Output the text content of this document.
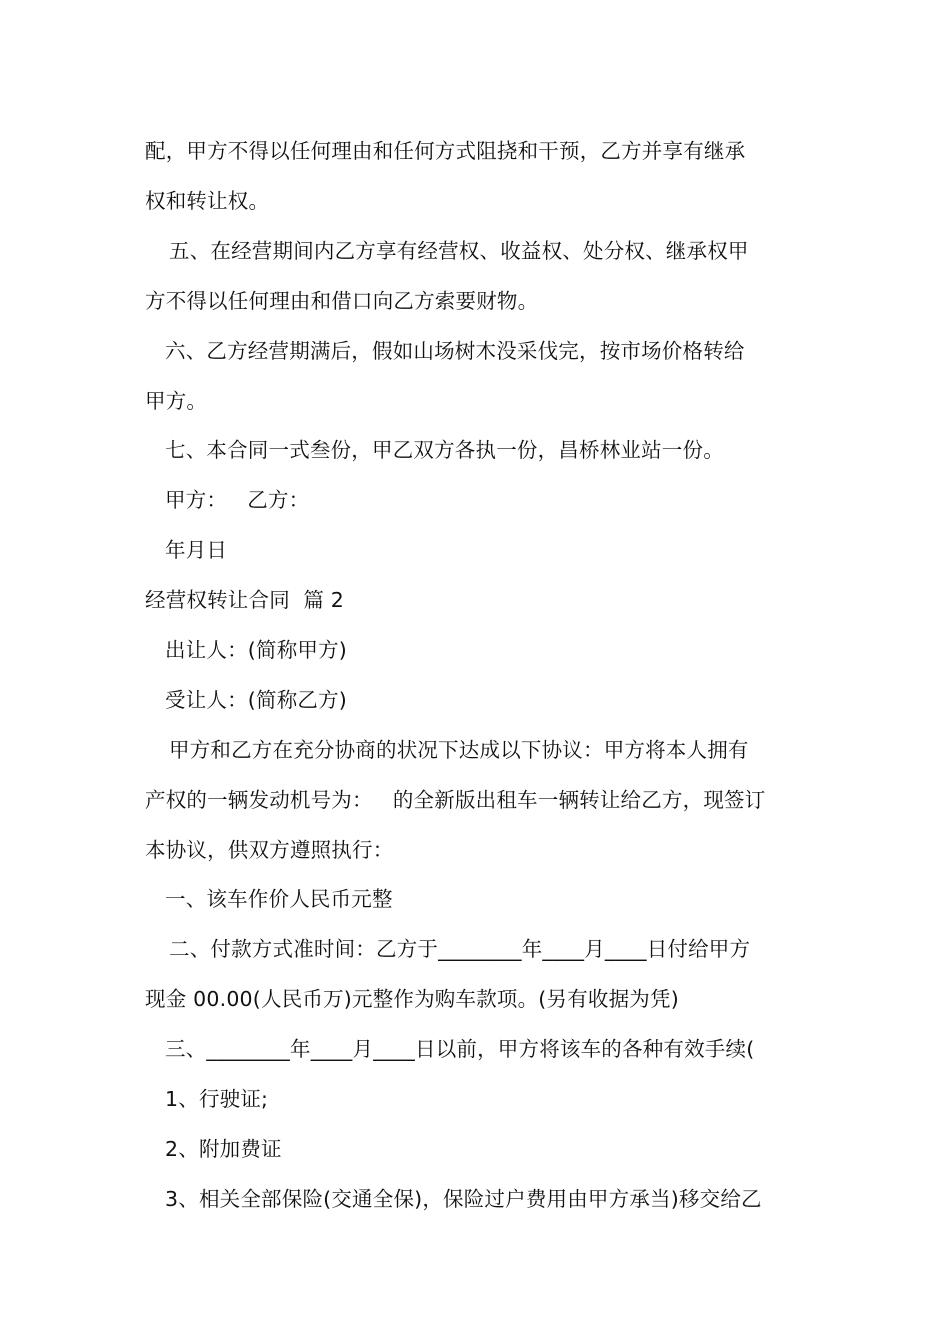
配，甲方不得以任何理由和任何方式阻挠和干预，乙方并享有继承
权和转让权。
五、在经营期间内乙方享有经营权、收益权、处分权、继承权甲
方不得以任何理由和借口向乙方索要财物。
六、乙方经营期满后，假如山场树木没采伐完，按市场价格转给
甲方。
七、本合同一式叁份，甲乙双方各执一份，昌桥林业站一份。
甲方：   乙方：
年月日
经营权转让合同  篇 2
出让人：(简称甲方)
受让人：(简称乙方)
甲方和乙方在充分协商的状况下达成以下协议：甲方将本人拥有
产权的一辆发动机号为：   的全新版出租车一辆转让给乙方，现签订
本协议，供双方遵照执行：
一、该车作价人民币元整
二、付款方式准时间：乙方于________年____月____日付给甲方
现金 00.00(人民币万)元整作为购车款项。(另有收据为凭)
三、________年____月____日以前，甲方将该车的各种有效手续(
1、行驶证;
2、附加费证
3、相关全部保险(交通全保)，保险过户费用由甲方承当)移交给乙
